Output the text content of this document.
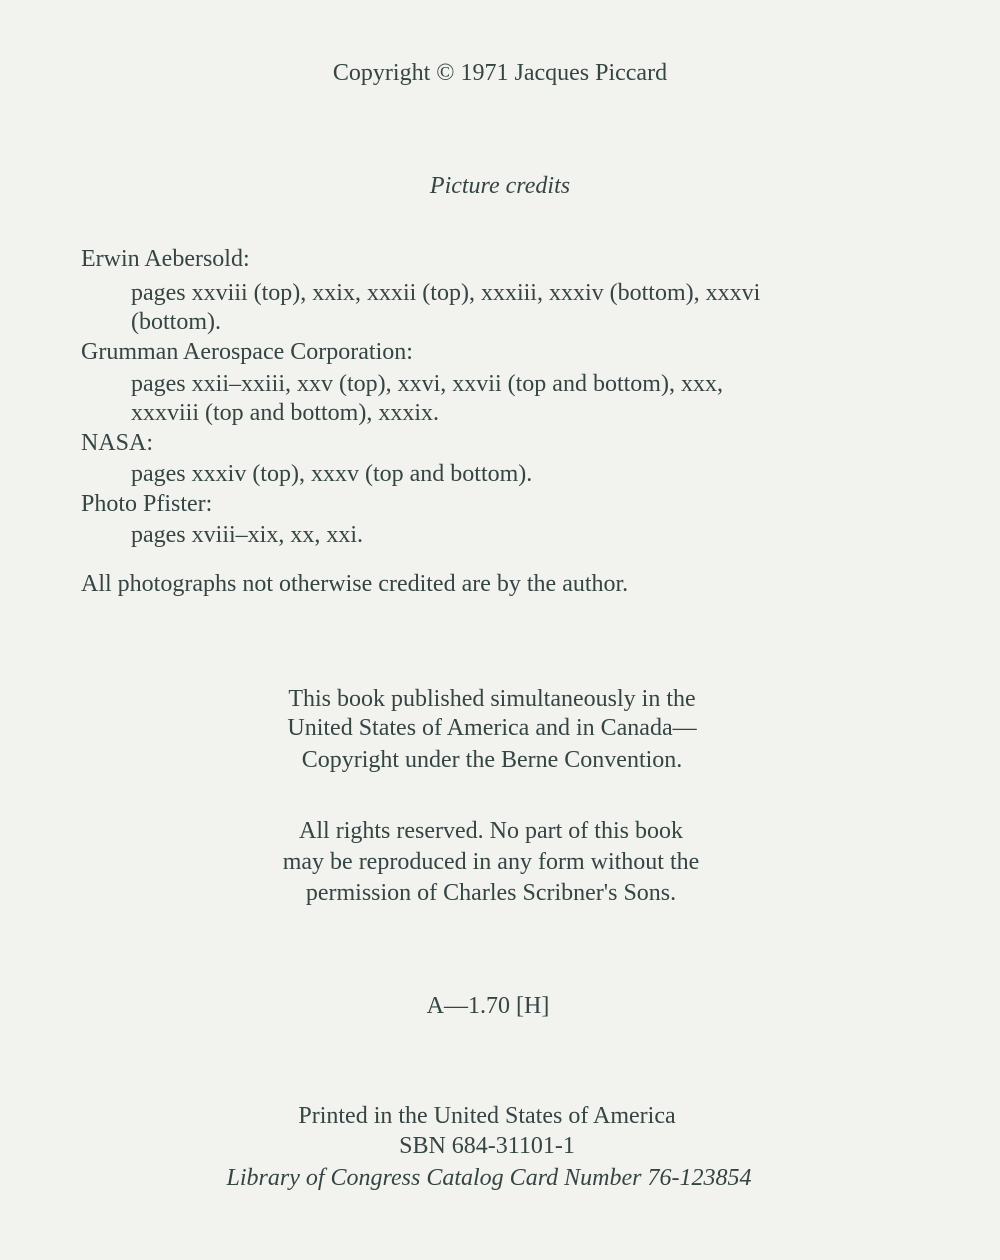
Copyright © 1971 Jacques Piccard
Picture credits
Erwin Aebersold:
pages xxviii (top), xxix, xxxii (top), xxxiii, xxxiv (bottom), xxxvi
(bottom).
Grumman Aerospace Corporation:
pages xxii–xxiii, xxv (top), xxvi, xxvii (top and bottom), xxx,
xxxviii (top and bottom), xxxix.
NASA:
pages xxxiv (top), xxxv (top and bottom).
Photo Pfister:
pages xviii–xix, xx, xxi.
All photographs not otherwise credited are by the author.
This book published simultaneously in the
United States of America and in Canada—
Copyright under the Berne Convention.
All rights reserved. No part of this book
may be reproduced in any form without the
permission of Charles Scribner's Sons.
A—1.70 [H]
Printed in the United States of America
SBN 684-31101-1
Library of Congress Catalog Card Number 76-123854
